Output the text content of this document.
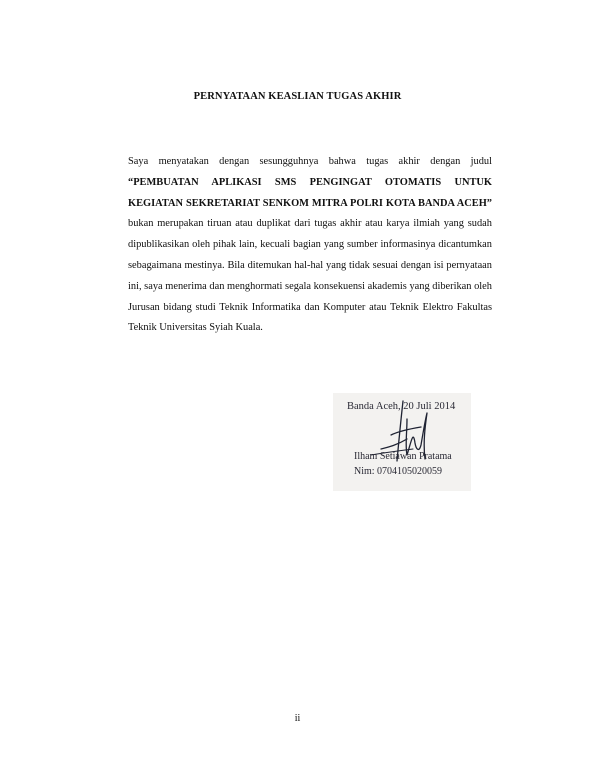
PERNYATAAN KEASLIAN TUGAS AKHIR

Saya menyatakan dengan sesungguhnya bahwa tugas akhir dengan judul “PEMBUATAN APLIKASI SMS PENGINGAT OTOMATIS UNTUK KEGIATAN SEKRETARIAT SENKOM MITRA POLRI KOTA BANDA ACEH” bukan merupakan tiruan atau duplikat dari tugas akhir atau karya ilmiah yang sudah dipublikasikan oleh pihak lain, kecuali bagian yang sumber informasinya dicantumkan sebagaimana mestinya. Bila ditemukan hal-hal yang tidak sesuai dengan isi pernyataan ini, saya menerima dan menghormati segala konsekuensi akademis yang diberikan oleh Jurusan bidang studi Teknik Informatika dan Komputer atau Teknik Elektro Fakultas Teknik Universitas Syiah Kuala.

Banda Aceh, 20 Juli 2014
Ilham Setiawan Pratama
Nim: 0704105020059
ii
